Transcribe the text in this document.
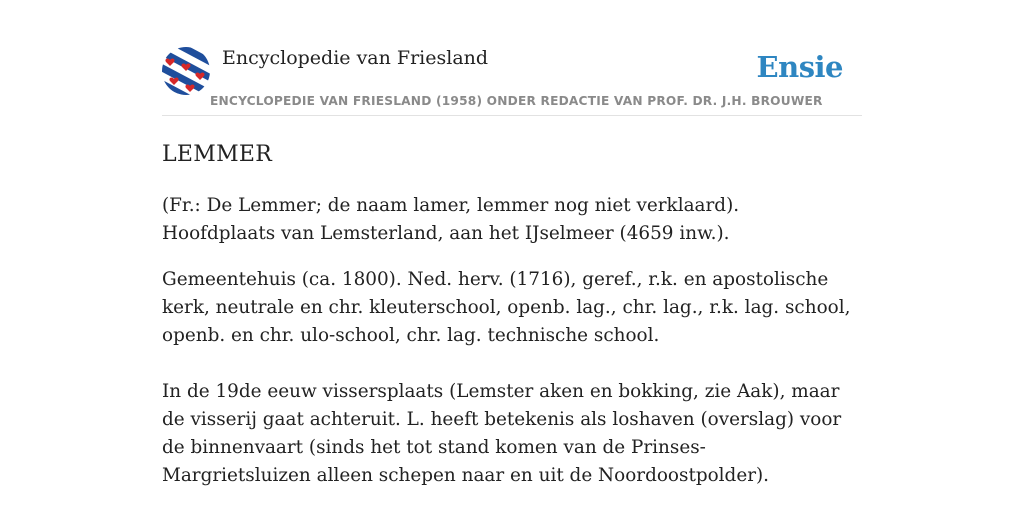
Encyclopedie van Friesland	Ensie
ENCYCLOPEDIE VAN FRIESLAND (1958) ONDER REDACTIE VAN PROF. DR. J.H. BROUWER
LEMMER

(Fr.: De Lemmer; de naam lamer, lemmer nog niet verklaard). Hoofdplaats van Lemsterland, aan het IJselmeer (4659 inw.).

Gemeentehuis (ca. 1800). Ned. herv. (1716), geref., r.k. en apostolische kerk, neutrale en chr. kleuterschool, openb. lag., chr. lag., r.k. lag. school, openb. en chr. ulo-school, chr. lag. technische school.

In de 19de eeuw vissersplaats (Lemster aken en bokking, zie Aak), maar de visserij gaat achteruit. L. heeft betekenis als loshaven (overslag) voor de binnenvaart (sinds het tot stand komen van de Prinses-Margrietsluizen alleen schepen naar en uit de Noordoostpolder).
